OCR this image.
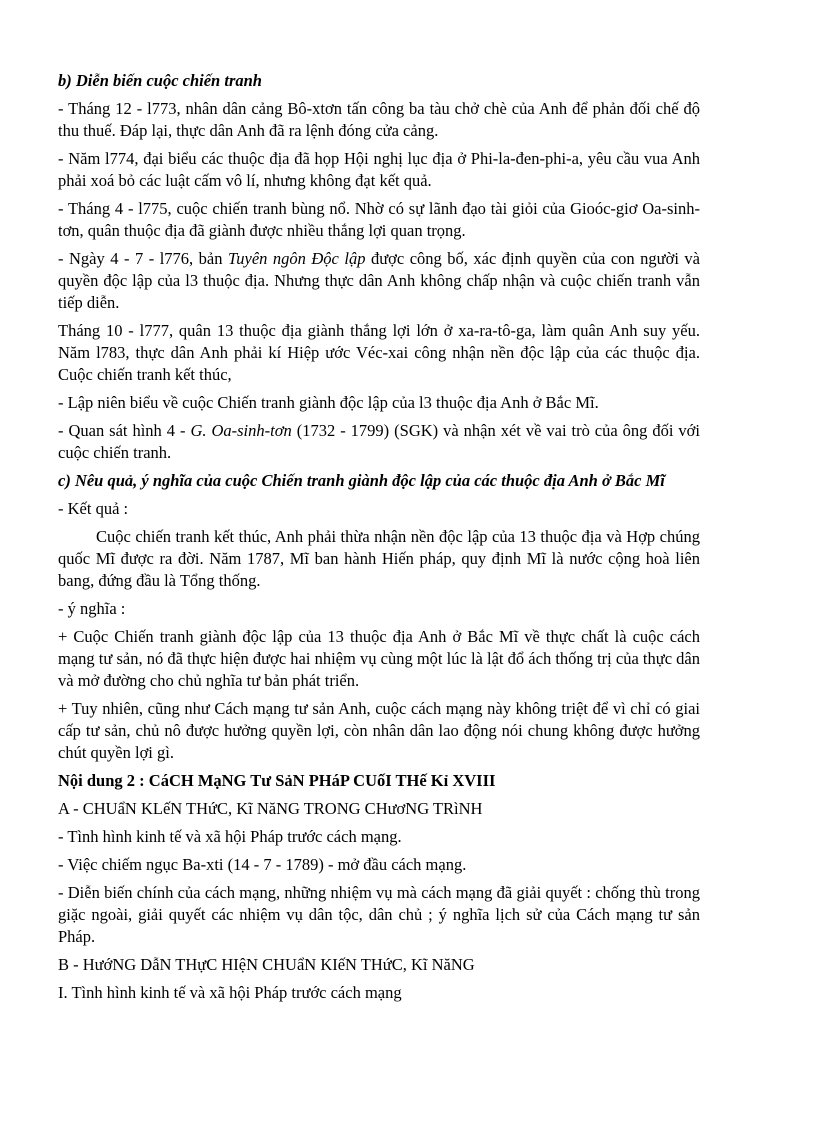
b) Diễn biến cuộc chiến tranh

- Tháng 12 - l773, nhân dân cảng Bô-xtơn tấn công ba tàu chở chè của Anh để phản đối chế độ thu thuế. Đáp lại, thực dân Anh đã ra lệnh đóng cửa cảng.

- Năm l774, đại biểu các thuộc địa đã họp Hội nghị lục địa ở Phi-la-đen-phi-a, yêu cầu vua Anh phải xoá bỏ các luật cấm vô lí, nhưng không đạt kết quả.

- Tháng 4 - l775, cuộc chiến tranh bùng nổ. Nhờ có sự lãnh đạo tài giỏi của Gioóc-giơ Oa-sinh-tơn, quân thuộc địa đã giành được nhiều thắng lợi quan trọng.

- Ngày 4 - 7 - l776, bản Tuyên ngôn Độc lập được công bố, xác định quyền của con người và quyền độc lập của l3 thuộc địa. Nhưng thực dân Anh không chấp nhận và cuộc chiến tranh vẫn tiếp diễn.

Tháng 10 - l777, quân 13 thuộc địa giành thắng lợi lớn ở xa-ra-tô-ga, làm quân Anh suy yếu. Năm l783, thực dân Anh phải kí Hiệp ước Véc-xai công nhận nền độc lập của các thuộc địa. Cuộc chiến tranh kết thúc,

- Lập niên biểu về cuộc Chiến tranh giành độc lập của l3 thuộc địa Anh ở Bắc Mĩ.

- Quan sát hình 4 - G. Oa-sinh-tơn (1732 - 1799) (SGK) và nhận xét về vai trò của ông đối với cuộc chiến tranh.

c) Nêu quả, ý nghĩa của cuộc Chiến tranh giành độc lập của các thuộc địa Anh ở Bắc Mĩ

- Kết quả :

Cuộc chiến tranh kết thúc, Anh phải thừa nhận nền độc lập của 13 thuộc địa và Hợp chúng quốc Mĩ được ra đời. Năm 1787, Mĩ ban hành Hiến pháp, quy định Mĩ là nước cộng hoà liên bang, đứng đầu là Tổng thống.

- ý nghĩa :

+ Cuộc Chiến tranh giành độc lập của 13 thuộc địa Anh ở Bắc Mĩ về thực chất là cuộc cách mạng tư sản, nó đã thực hiện được hai nhiệm vụ cùng một lúc là lật đổ ách thống trị của thực dân và mở đường cho chủ nghĩa tư bản phát triển.

+ Tuy nhiên, cũng như Cách mạng tư sản Anh, cuộc cách mạng này không triệt để vì chỉ có giai cấp tư sản, chủ nô được hưởng quyền lợi, còn nhân dân lao động nói chung không được hưởng chút quyền lợi gì.

Nội dung 2 : CáCH MạNG Tư SảN PHáP CUốI THế Kỉ XVIII

A - CHUẩN KLếN THứC, Kĩ NăNG TRONG CHươNG TRìNH

- Tình hình kinh tế và xã hội Pháp trước cách mạng.

- Việc chiếm ngục Ba-xti (14 - 7 - 1789) - mở đầu cách mạng.

- Diễn biến chính của cách mạng, những nhiệm vụ mà cách mạng đã giải quyết : chống thù trong giặc ngoài, giải quyết các nhiệm vụ dân tộc, dân chủ ; ý nghĩa lịch sử của Cách mạng tư sản Pháp.

B - HướNG DẫN THựC HIệN CHUẩN KIếN THứC, Kĩ NăNG

I. Tình hình kinh tế và xã hội Pháp trước cách mạng
